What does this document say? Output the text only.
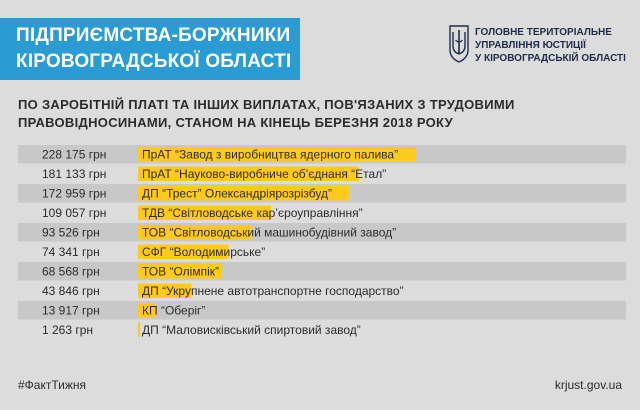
ПІДПРИЄМСТВА-БОРЖНИКИ
КІРОВОГРАДСЬКОЇ ОБЛАСТІ
ГОЛОВНЕ ТЕРИТОРІАЛЬНЕ
УПРАВЛІННЯ ЮСТИЦІЇ
У КІРОВОГРАДСЬКІЙ ОБЛАСТІ
ПО ЗАРОБІТНІЙ ПЛАТІ ТА ІНШИХ ВИПЛАТАХ, ПОВ'ЯЗАНИХ З ТРУДОВИМИ
ПРАВОВІДНОСИНАМИ, СТАНОМ НА КІНЕЦЬ БЕРЕЗНЯ 2018 РОКУ
228 175 грн	ПрАТ “Завод з виробництва ядерного палива”
181 133 грн	ПрАТ “Науково-виробниче об’єднаня “Етал”
172 959 грн	ДП “Трест” Олександріярозрізбуд”
109 057 грн	ТДВ “Світловодське кар’єроуправління”
93 526 грн	ТОВ “Світловодський машинобудівний завод”
74 341 грн	СФГ “Володимирське”
68 568 грн	ТОВ “Олімпік”
43 846 грн	ДП “Укрупнене автотранспортне господарство”
13 917 грн	КП “Оберіг”
1 263 грн	ДП “Маловисківський спиртовий завод”
#ФактТижня	krjust.gov.ua
